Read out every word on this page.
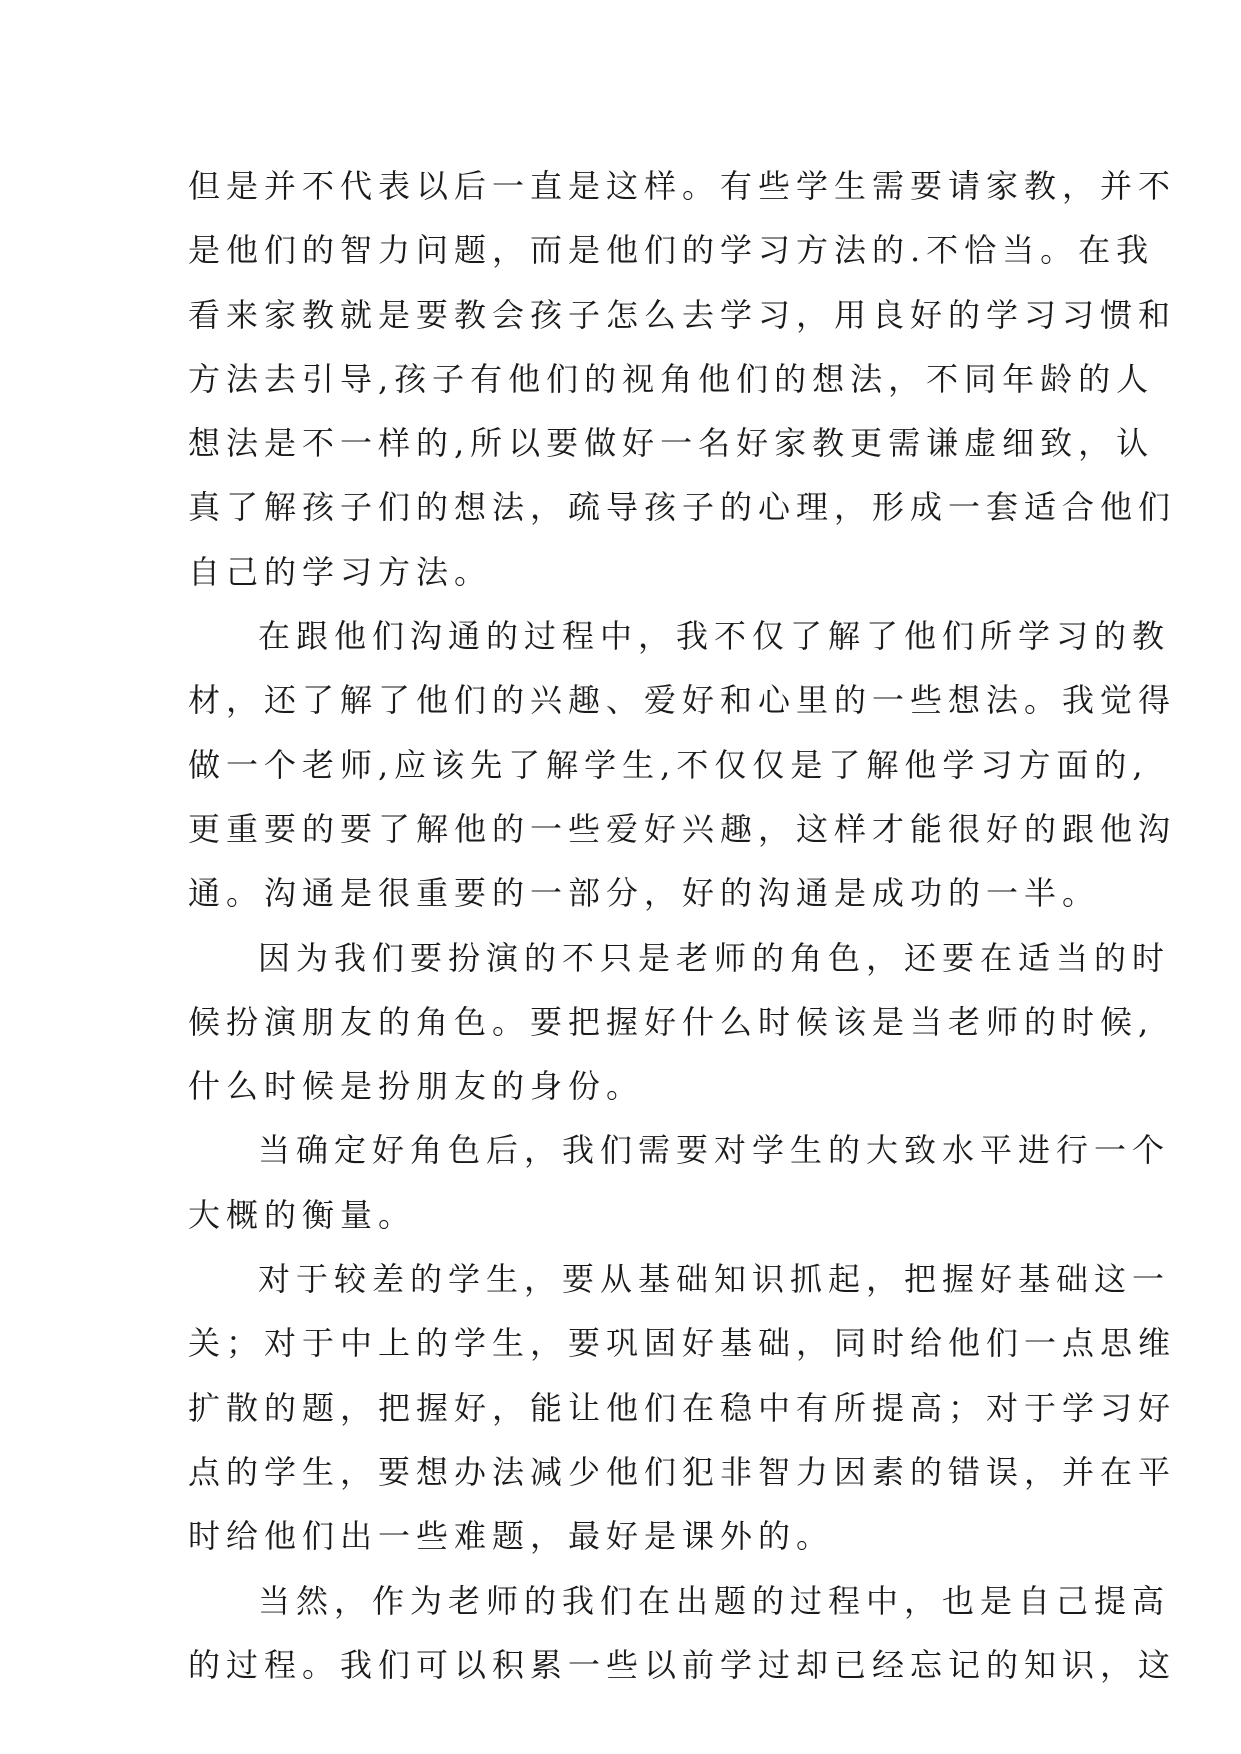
但是并不代表以后一直是这样。有些学生需要请家教，并不
是他们的智力问题，而是他们的学习方法的.不恰当。在我
看来家教就是要教会孩子怎么去学习，用良好的学习习惯和
方法去引导,孩子有他们的视角他们的想法，不同年龄的人
想法是不一样的,所以要做好一名好家教更需谦虚细致，认
真了解孩子们的想法，疏导孩子的心理，形成一套适合他们
自己的学习方法。
在跟他们沟通的过程中，我不仅了解了他们所学习的教
材，还了解了他们的兴趣、爱好和心里的一些想法。我觉得
做一个老师,应该先了解学生,不仅仅是了解他学习方面的,
更重要的要了解他的一些爱好兴趣，这样才能很好的跟他沟
通。沟通是很重要的一部分，好的沟通是成功的一半。
因为我们要扮演的不只是老师的角色，还要在适当的时
候扮演朋友的角色。要把握好什么时候该是当老师的时候,
什么时候是扮朋友的身份。
当确定好角色后，我们需要对学生的大致水平进行一个
大概的衡量。
对于较差的学生，要从基础知识抓起，把握好基础这一
关；对于中上的学生，要巩固好基础，同时给他们一点思维
扩散的题，把握好，能让他们在稳中有所提高；对于学习好
点的学生，要想办法减少他们犯非智力因素的错误，并在平
时给他们出一些难题，最好是课外的。
当然，作为老师的我们在出题的过程中，也是自己提高
的过程。我们可以积累一些以前学过却已经忘记的知识，这
